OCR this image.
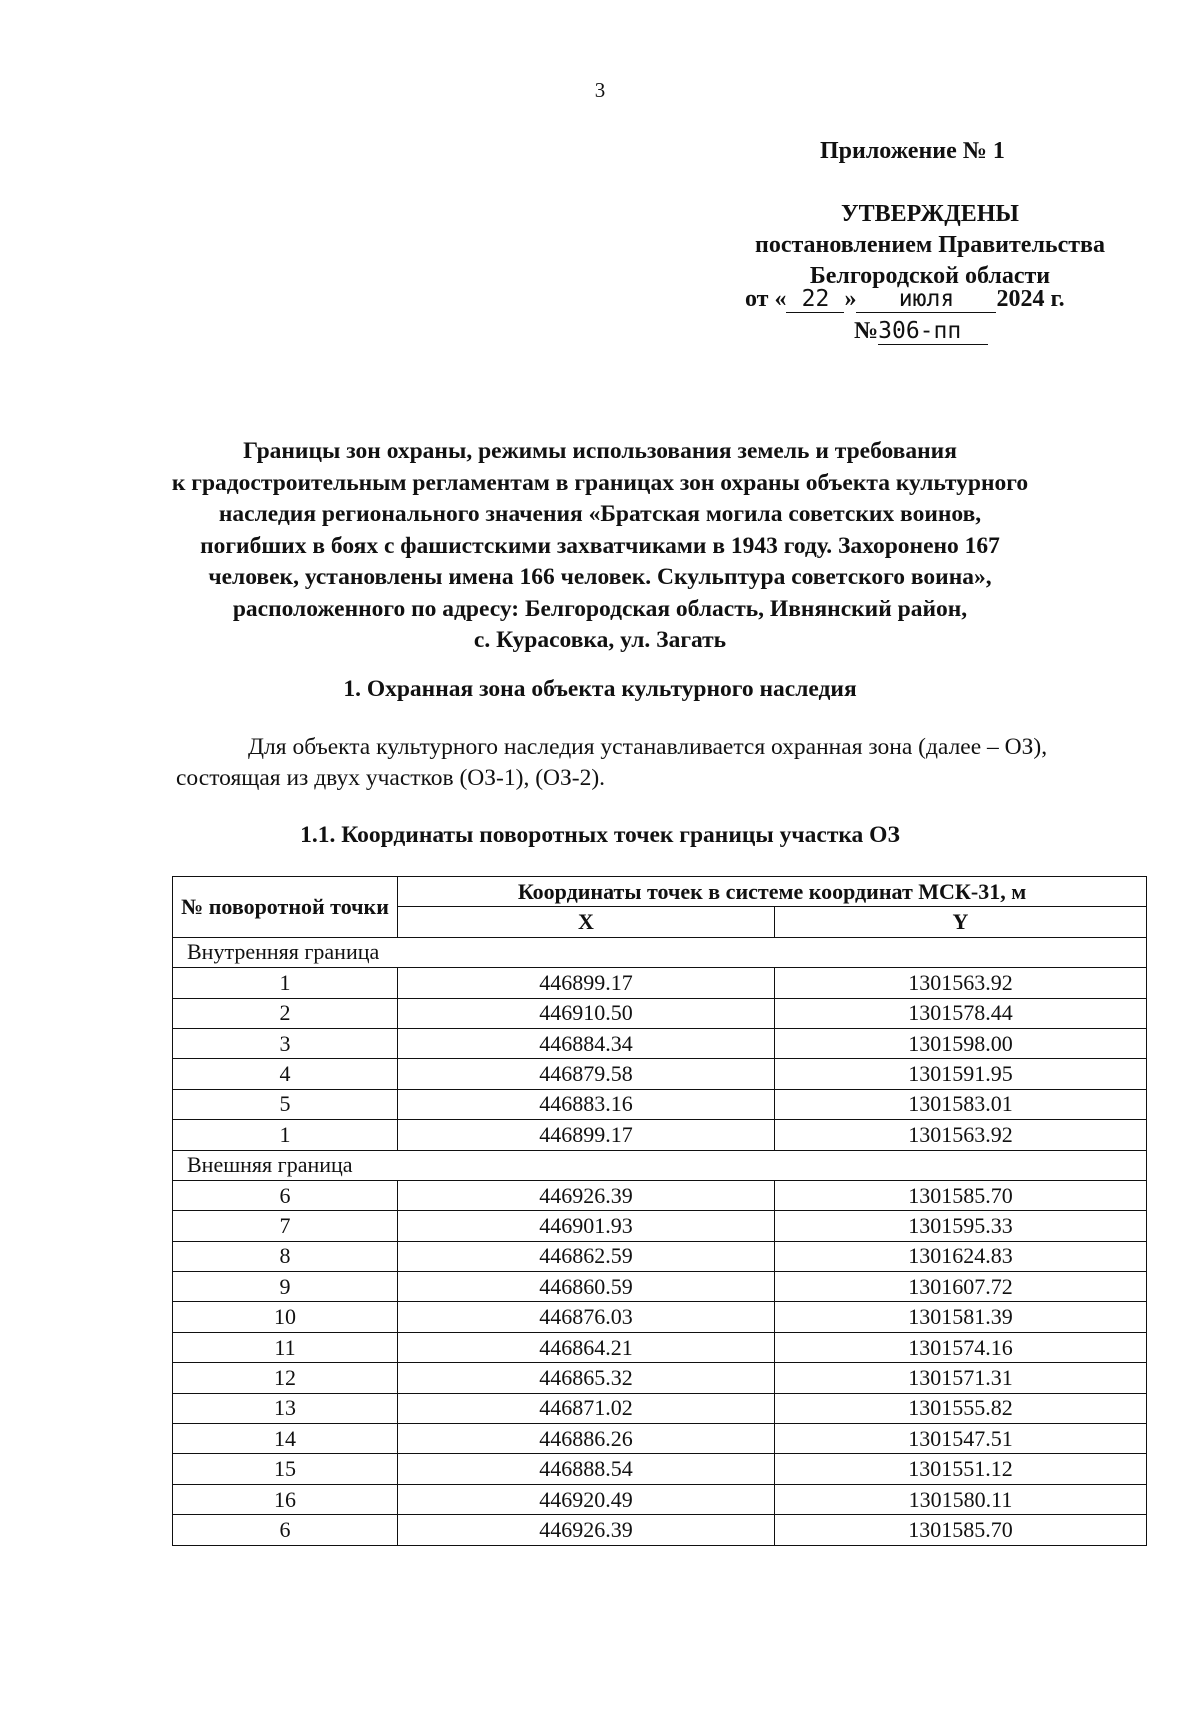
3
Приложение № 1
УТВЕРЖДЕНЫ
постановлением Правительства
Белгородской области
от « 22 » июля 2024 г.
№306-пп
Границы зон охраны, режимы использования земель и требования
к градостроительным регламентам в границах зон охраны объекта культурного
наследия регионального значения «Братская могила советских воинов,
погибших в боях с фашистскими захватчиками в 1943 году. Захоронено 167
человек, установлены имена 166 человек. Скульптура советского воина»,
расположенного по адресу: Белгородская область, Ивнянский район,
с. Курасовка, ул. Загать
1. Охранная зона объекта культурного наследия
Для объекта культурного наследия устанавливается охранная зона (далее – ОЗ), состоящая из двух участков (ОЗ-1), (ОЗ-2).
1.1. Координаты поворотных точек границы участка ОЗ
№ поворотной точки	Координаты точек в системе координат МСК-31, м	
	X	Y
Внутренняя граница		
1	446899.17	1301563.92
2	446910.50	1301578.44
3	446884.34	1301598.00
4	446879.58	1301591.95
5	446883.16	1301583.01
1	446899.17	1301563.92
Внешняя граница		
6	446926.39	1301585.70
7	446901.93	1301595.33
8	446862.59	1301624.83
9	446860.59	1301607.72
10	446876.03	1301581.39
11	446864.21	1301574.16
12	446865.32	1301571.31
13	446871.02	1301555.82
14	446886.26	1301547.51
15	446888.54	1301551.12
16	446920.49	1301580.11
6	446926.39	1301585.70
